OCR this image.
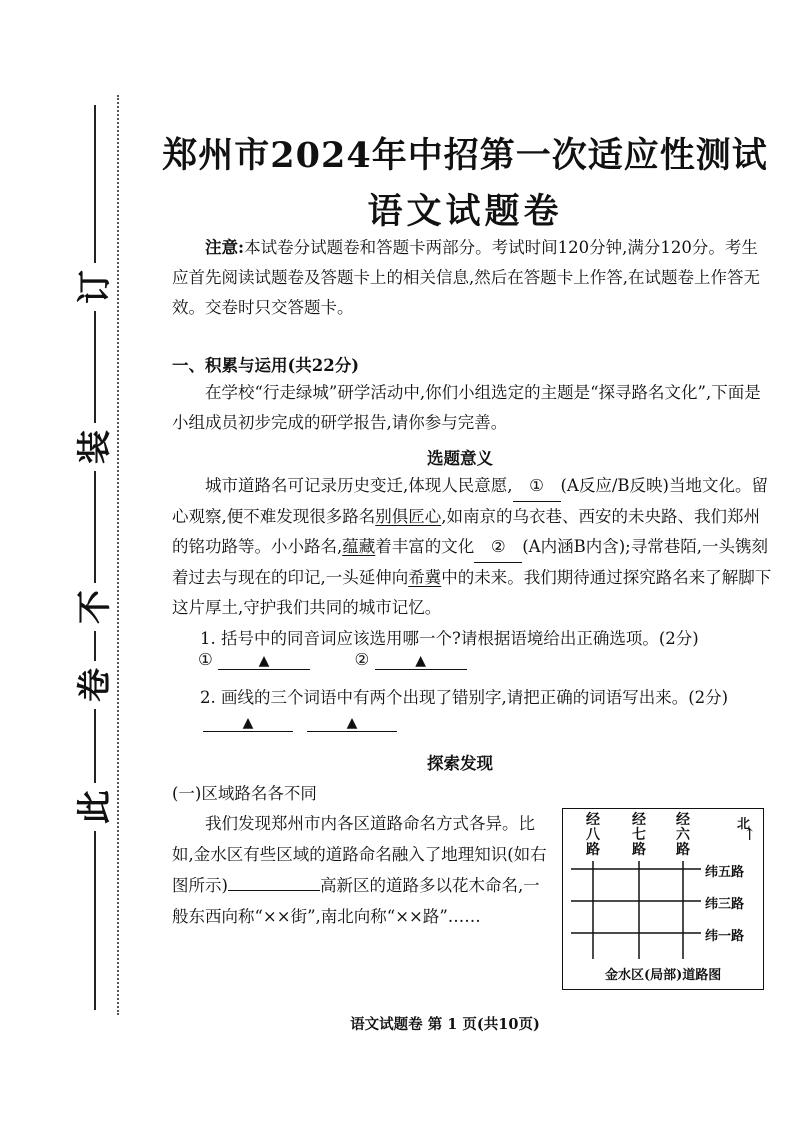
订
装
不
卷
此
郑州市2024年中招第一次适应性测试
语文试题卷
注意:本试卷分试题卷和答题卡两部分。考试时间120分钟,满分120分。考生应首先阅读试题卷及答题卡上的相关信息,然后在答题卡上作答,在试题卷上作答无效。交卷时只交答题卡。
一、积累与运用(共22分)
在学校“行走绿城”研学活动中,你们小组选定的主题是“探寻路名文化”,下面是小组成员初步完成的研学报告,请你参与完善。
选题意义
城市道路名可记录历史变迁,体现人民意愿, ① (A反应/B反映)当地文化。留心观察,便不难发现很多路名别俱匠心,如南京的乌衣巷、西安的未央路、我们郑州的铭功路等。小小路名,蕴藏着丰富的文化 ② (A内涵B内含);寻常巷陌,一头镌刻着过去与现在的印记,一头延伸向希冀中的未来。我们期待通过探究路名来了解脚下这片厚土,守护我们共同的城市记忆。
1. 括号中的同音词应该选用哪一个?请根据语境给出正确选项。(2分)
①	▲	②	▲
2. 画线的三个词语中有两个出现了错别字,请把正确的词语写出来。(2分)
▲	▲
探索发现
(一)区域路名各不同
我们发现郑州市内各区道路命名方式各异。比如,金水区有些区域的道路命名融入了地理知识(如右图所示)	高新区的道路多以花木命名,一般东西向称“××街”,南北向称“××路”……
经八路
经七路
经六路
北
↑
纬五路
纬三路
纬一路
金水区(局部)道路图
语文试题卷 第 1 页(共10页)
